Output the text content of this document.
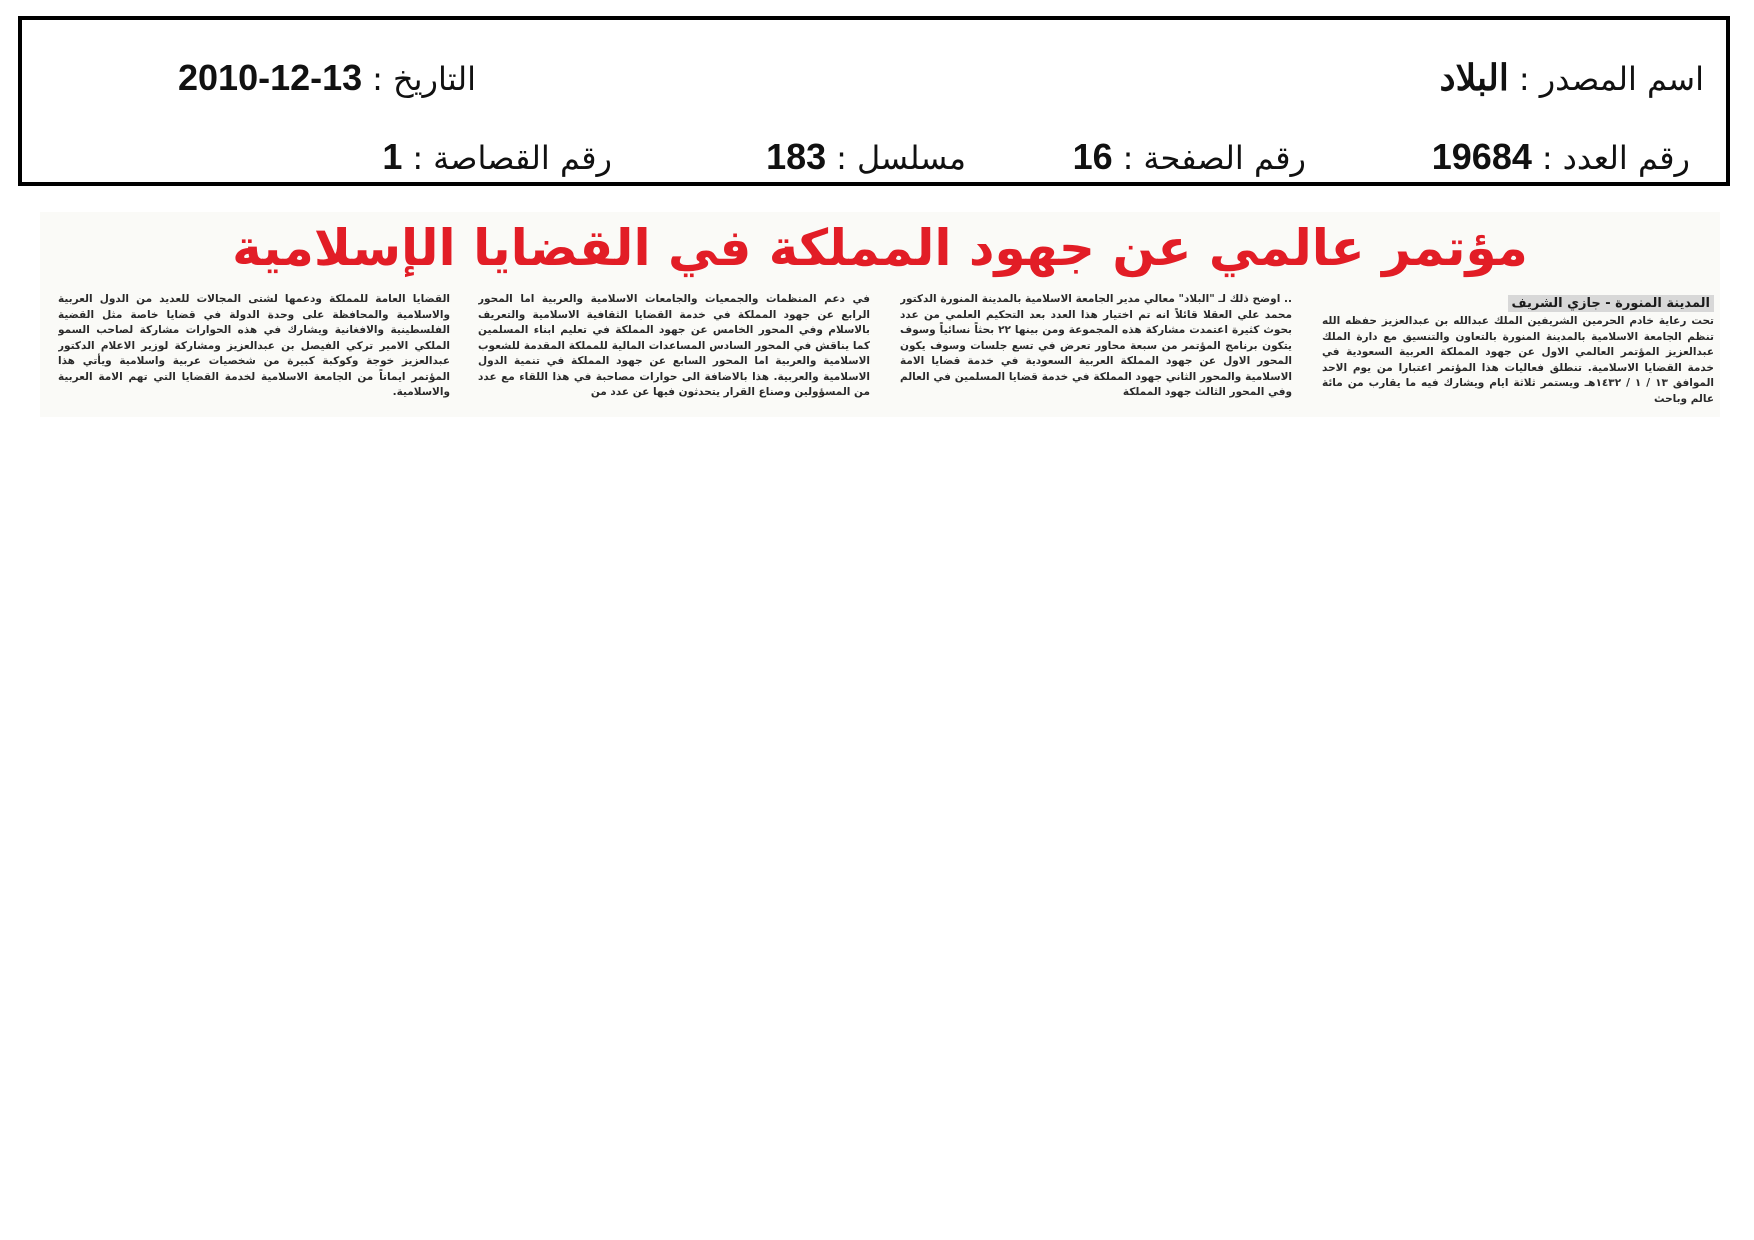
اسم المصدر:البلاد
التاريخ:2010-12-13
رقم العدد:19684
رقم الصفحة:16
مسلسل:183
رقم القصاصة:1
مؤتمر عالمي عن جهود المملكة في القضايا الإسلامية
المدينة المنورة - جازي الشريف

تحت رعاية خادم الحرمين الشريفين الملك عبدالله بن عبدالعزيز حفظه الله تنظم الجامعة الاسلامية بالمدينة المنورة بالتعاون والتنسيق مع دارة الملك عبدالعزيز المؤتمر العالمي الاول عن جهود المملكة العربية السعودية في خدمة القضايا الاسلامية. تنطلق فعاليات هذا المؤتمر اعتبارا من يوم الاحد الموافق ١٣ / ١ / ١٤٣٢هـ ويستمر ثلاثة ايام ويشارك فيه ما يقارب من مائة عالم وباحث

.. اوضح ذلك لـ "البلاد" معالي مدير الجامعة الاسلامية بالمدينة المنورة الدكتور محمد علي العقلا قائلاً انه تم اختيار هذا العدد بعد التحكيم العلمي من عدد بحوث كثيرة اعتمدت مشاركة هذه المجموعة ومن بينها ٢٢ بحثاً نسائياً وسوف يتكون برنامج المؤتمر من سبعة محاور تعرض في تسع جلسات وسوف يكون المحور الاول عن جهود المملكة العربية السعودية في خدمة قضايا الامة الاسلامية والمحور الثاني جهود المملكة في خدمة قضايا المسلمين في العالم وفي المحور الثالث جهود المملكة

في دعم المنظمات والجمعيات والجامعات الاسلامية والعربية اما المحور الرابع عن جهود المملكة في خدمة القضايا الثقافية الاسلامية والتعريف بالاسلام وفي المحور الخامس عن جهود المملكة في تعليم ابناء المسلمين كما يناقش في المحور السادس المساعدات المالية للمملكة المقدمة للشعوب الاسلامية والعربية اما المحور السابع عن جهود المملكة في تنمية الدول الاسلامية والعربية. هذا بالاضافة الى حوارات مصاحبة في هذا اللقاء مع عدد من المسؤولين وصناع القرار يتحدثون فيها عن عدد من

القضايا العامة للمملكة ودعمها لشتى المجالات للعديد من الدول العربية والاسلامية والمحافظة على وحدة الدولة في قضايا خاصة مثل القضية الفلسطينية والافغانية ويشارك في هذه الحوارات مشاركة لصاحب السمو الملكي الامير تركي الفيصل بن عبدالعزيز ومشاركة لوزير الاعلام الدكتور عبدالعزيز خوجة وكوكبة كبيرة من شخصيات عربية واسلامية ويأتي هذا المؤتمر ايماناً من الجامعة الاسلامية لخدمة القضايا التي تهم الامة العربية والاسلامية.
